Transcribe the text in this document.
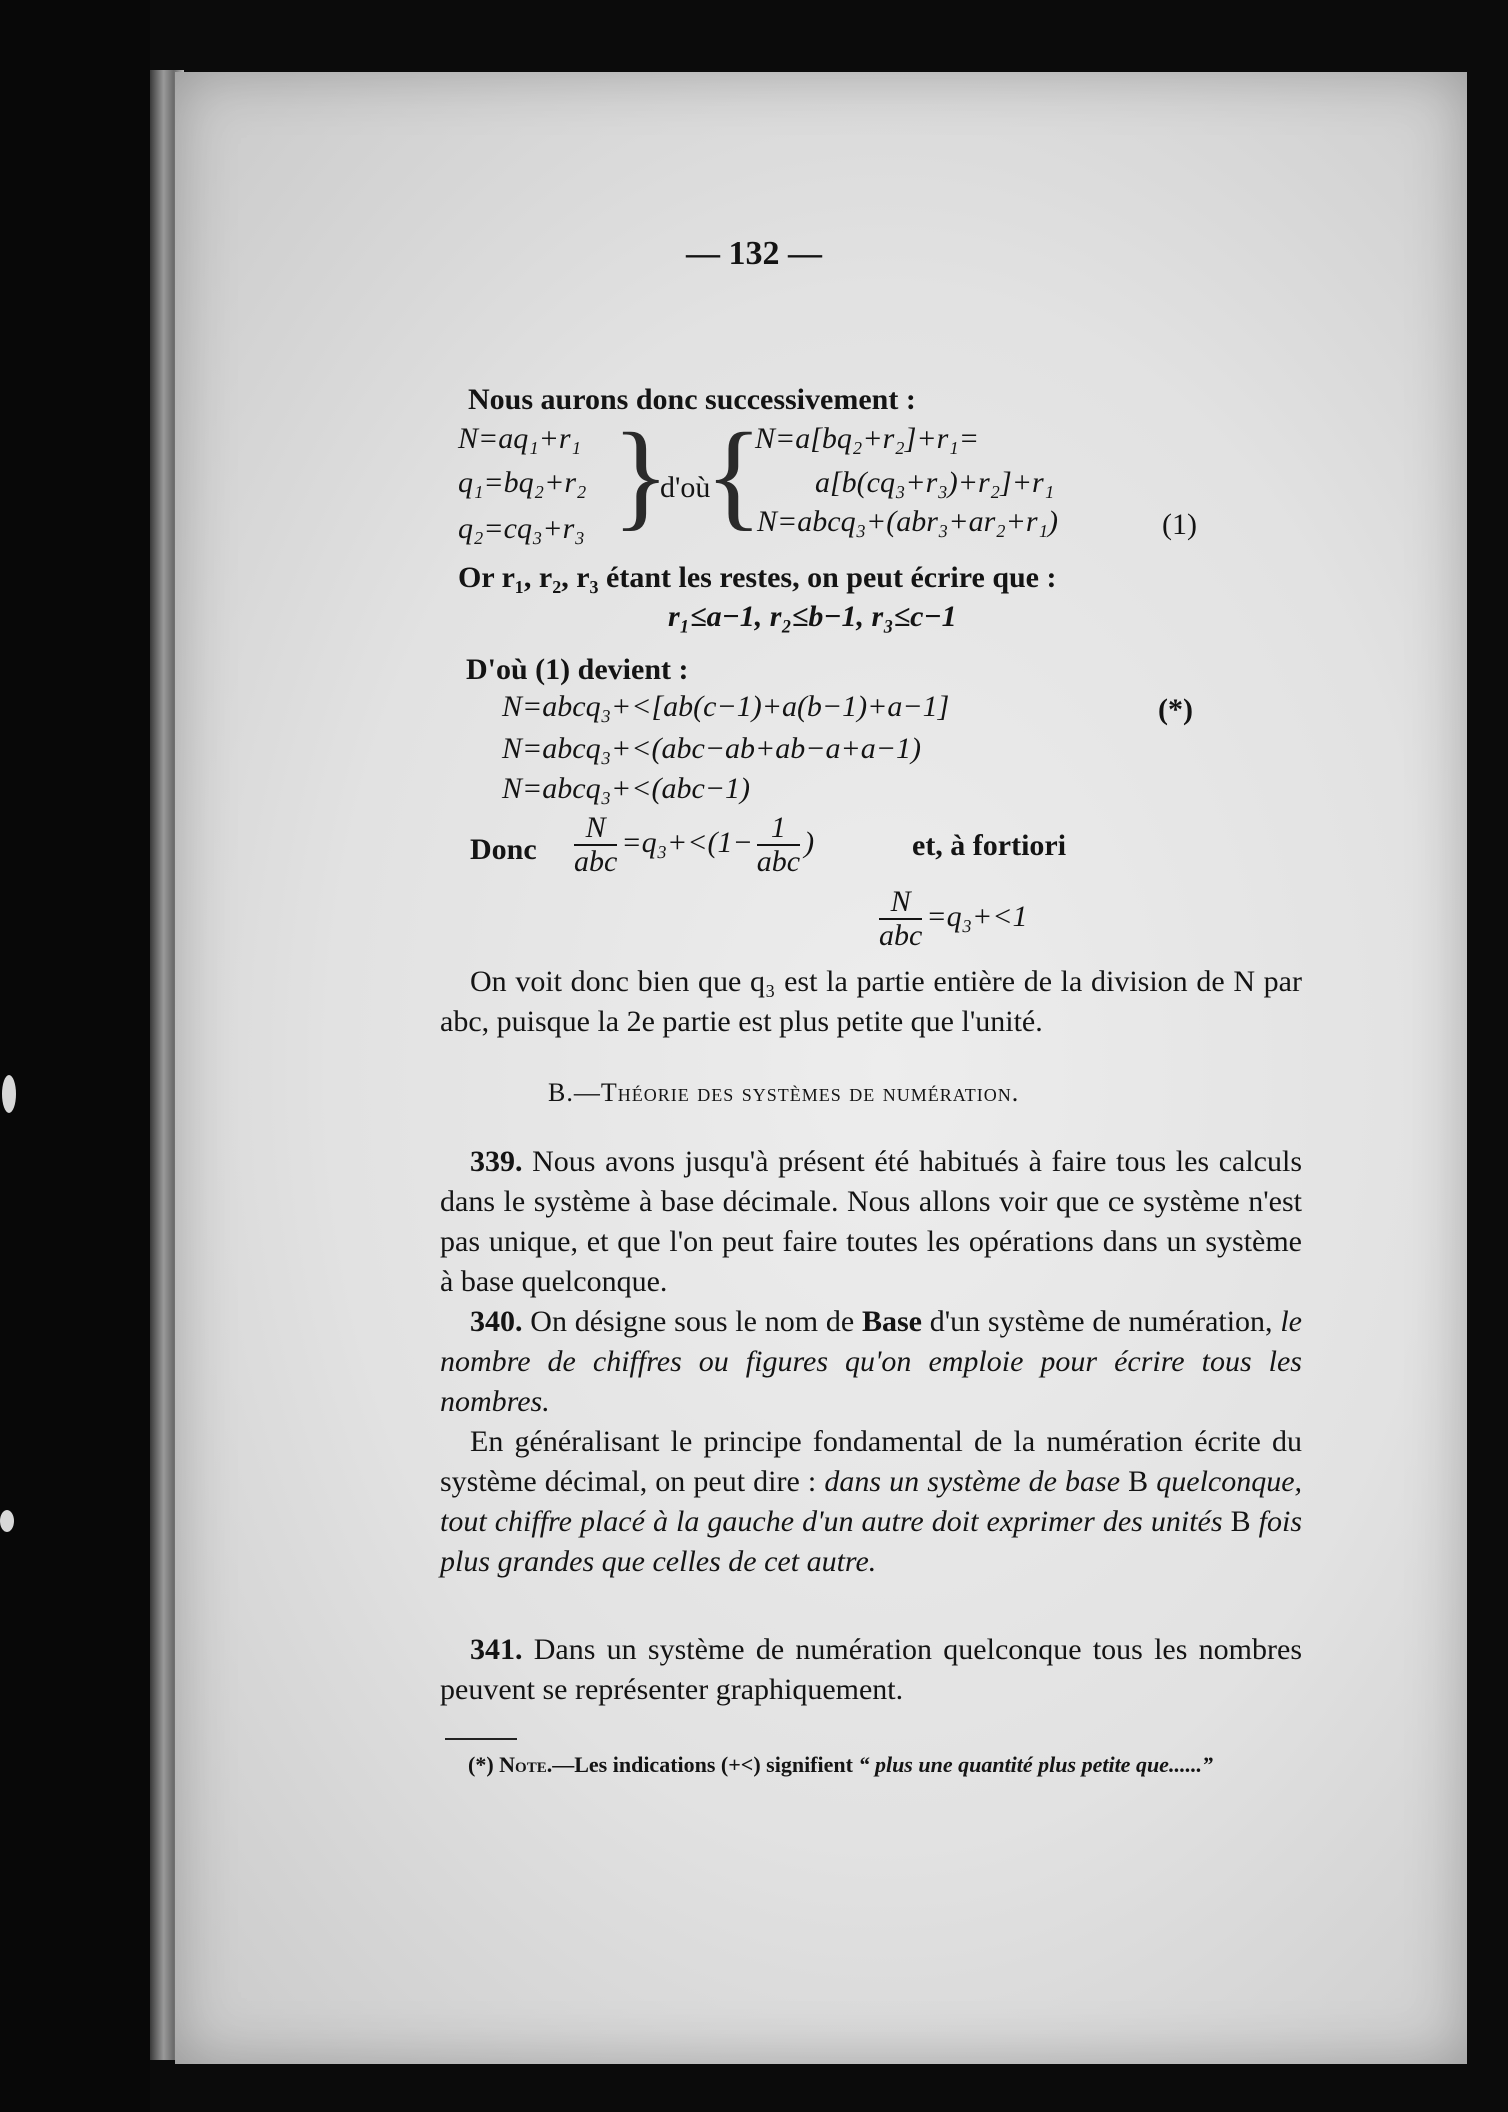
— 132 —
Nous aurons donc successivement :
N=aq₁+r₁
q₁=bq₂+r₂
q₂=cq₃+r₃ }
d'où
{
N=a[bq₂+r₂]+r₁=
a[b(cq₃+r₃)+r₂]+r₁
N=abcq₃+(abr₃+ar₂+r₁)	(1)
Or r₁, r₂, r₃ étant les restes, on peut écrire que :
r₁≤a−1, r₂≤b−1, r₃≤c−1
D'où (1) devient :
N=abcq₃+<[ab(c−1)+a(b−1)+a−1]	(*)
N=abcq₃+<(abc−ab+ab−a+a−1)
N=abcq₃+<(abc−1)
Donc $\frac{N}{\text{abc}} =q_3+<(1- \frac{1}{\text{abc}}$ )	et, à fortiori
$\frac{N}{\text{abc}} =q_3+<1$
On voit donc bien que q₃ est la partie entière de la division de N par abc, puisque la 2e partie est plus petite que l'unité.
B.—Théorie des systèmes de numération.
339. Nous avons jusqu'à présent été habitués à faire tous les calculs dans le système à base décimale. Nous allons voir que ce système n'est pas unique, et que l'on peut faire toutes les opérations dans un système à base quelconque.
340. On désigne sous le nom de Base d'un système de numération, le nombre de chiffres ou figures qu'on emploie pour écrire tous les nombres.
En généralisant le principe fondamental de la numération écrite du système décimal, on peut dire : dans un système de base B quelconque, tout chiffre placé à la gauche d'un autre doit exprimer des unités B fois plus grandes que celles de cet autre.
341. Dans un système de numération quelconque tous les nombres peuvent se représenter graphiquement.
(*) Note.—Les indications (+<) signifient “ plus une quantité plus petite que......”
